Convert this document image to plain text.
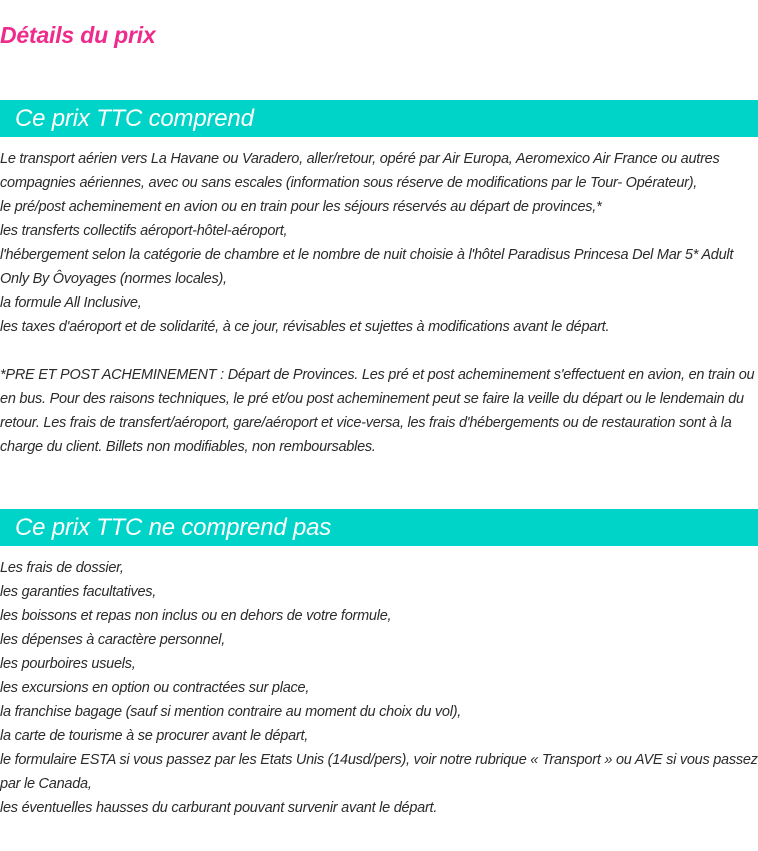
Détails du prix
Ce prix TTC comprend
Le transport aérien vers La Havane ou Varadero, aller/retour, opéré par Air Europa, Aeromexico Air France ou autres compagnies aériennes, avec ou sans escales (information sous réserve de modifications par le Tour- Opérateur),
le pré/post acheminement en avion ou en train pour les séjours réservés au départ de provinces,*
les transferts collectifs aéroport-hôtel-aéroport,
l'hébergement selon la catégorie de chambre et le nombre de nuit choisie à l'hôtel Paradisus Princesa Del Mar 5* Adult Only By Ôvoyages (normes locales),
la formule All Inclusive,
les taxes d'aéroport et de solidarité, à ce jour, révisables et sujettes à modifications avant le départ.

*PRE ET POST ACHEMINEMENT : Départ de Provinces. Les pré et post acheminement s'effectuent en avion, en train ou en bus. Pour des raisons techniques, le pré et/ou post acheminement peut se faire la veille du départ ou le lendemain du retour. Les frais de transfert/aéroport, gare/aéroport et vice-versa, les frais d'hébergements ou de restauration sont à la charge du client. Billets non modifiables, non remboursables.

Ce prix TTC ne comprend pas
Les frais de dossier,
les garanties facultatives,
les boissons et repas non inclus ou en dehors de votre formule,
les dépenses à caractère personnel,
les pourboires usuels,
les excursions en option ou contractées sur place,
la franchise bagage (sauf si mention contraire au moment du choix du vol),
la carte de tourisme à se procurer avant le départ,
le formulaire ESTA si vous passez par les Etats Unis (14usd/pers), voir notre rubrique « Transport » ou AVE si vous passez par le Canada,
les éventuelles hausses du carburant pouvant survenir avant le départ.
